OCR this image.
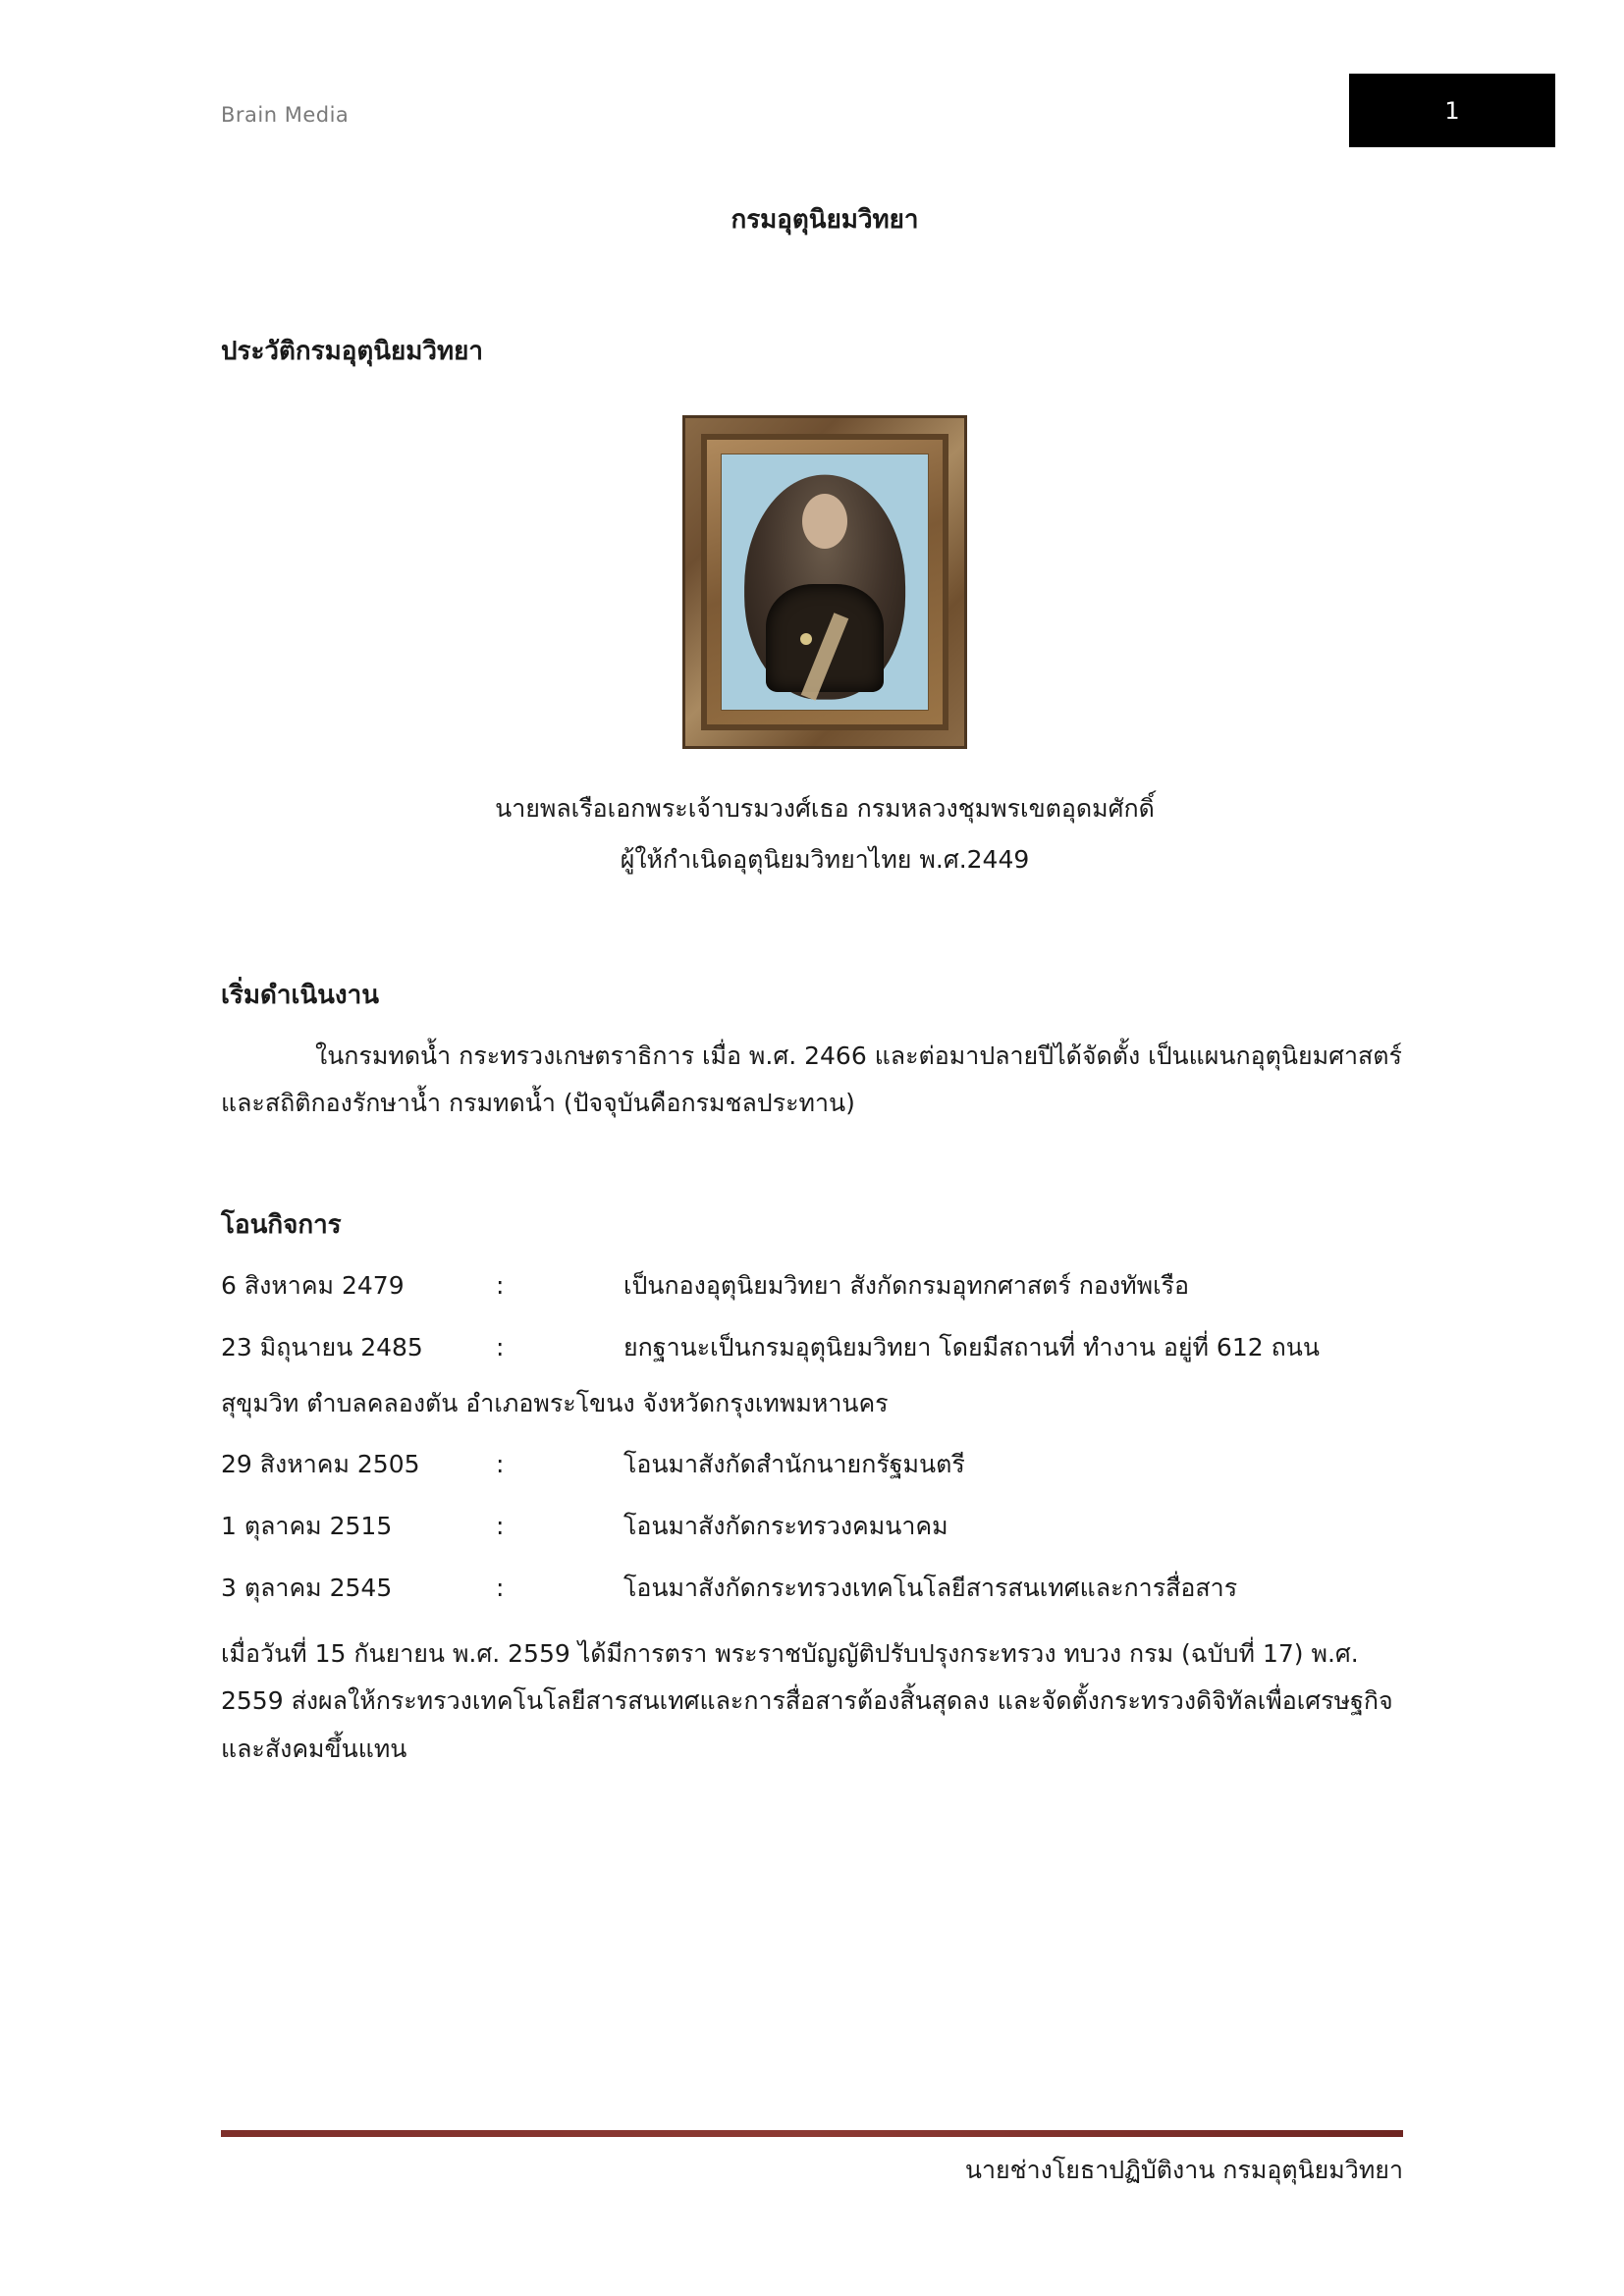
Brain Media	1
กรมอุตุนิยมวิทยา
ประวัติกรมอุตุนิยมวิทยา
นายพลเรือเอกพระเจ้าบรมวงศ์เธอ กรมหลวงชุมพรเขตอุดมศักดิ์
ผู้ให้กำเนิดอุตุนิยมวิทยาไทย พ.ศ.2449
เริ่มดำเนินงาน
ในกรมทดน้ำ กระทรวงเกษตราธิการ เมื่อ พ.ศ. 2466 และต่อมาปลายปีได้จัดตั้ง เป็นแผนกอุตุนิยมศาสตร์ และสถิติกองรักษาน้ำ กรมทดน้ำ (ปัจจุบันคือกรมชลประทาน)
โอนกิจการ
6 สิงหาคม 2479	:	เป็นกองอุตุนิยมวิทยา สังกัดกรมอุทกศาสตร์ กองทัพเรือ
23 มิถุนายน 2485	:	ยกฐานะเป็นกรมอุตุนิยมวิทยา โดยมีสถานที่ ทำงาน อยู่ที่ 612 ถนน
สุขุมวิท ตำบลคลองตัน อำเภอพระโขนง จังหวัดกรุงเทพมหานคร
29 สิงหาคม 2505	:	โอนมาสังกัดสำนักนายกรัฐมนตรี
1 ตุลาคม 2515	:	โอนมาสังกัดกระทรวงคมนาคม
3 ตุลาคม 2545	:	โอนมาสังกัดกระทรวงเทคโนโลยีสารสนเทศและการสื่อสาร
เมื่อวันที่ 15 กันยายน พ.ศ. 2559 ได้มีการตรา พระราชบัญญัติปรับปรุงกระทรวง ทบวง กรม (ฉบับที่ 17) พ.ศ. 2559 ส่งผลให้กระทรวงเทคโนโลยีสารสนเทศและการสื่อสารต้องสิ้นสุดลง และจัดตั้งกระทรวงดิจิทัลเพื่อเศรษฐกิจและสังคมขึ้นแทน
นายช่างโยธาปฏิบัติงาน กรมอุตุนิยมวิทยา
